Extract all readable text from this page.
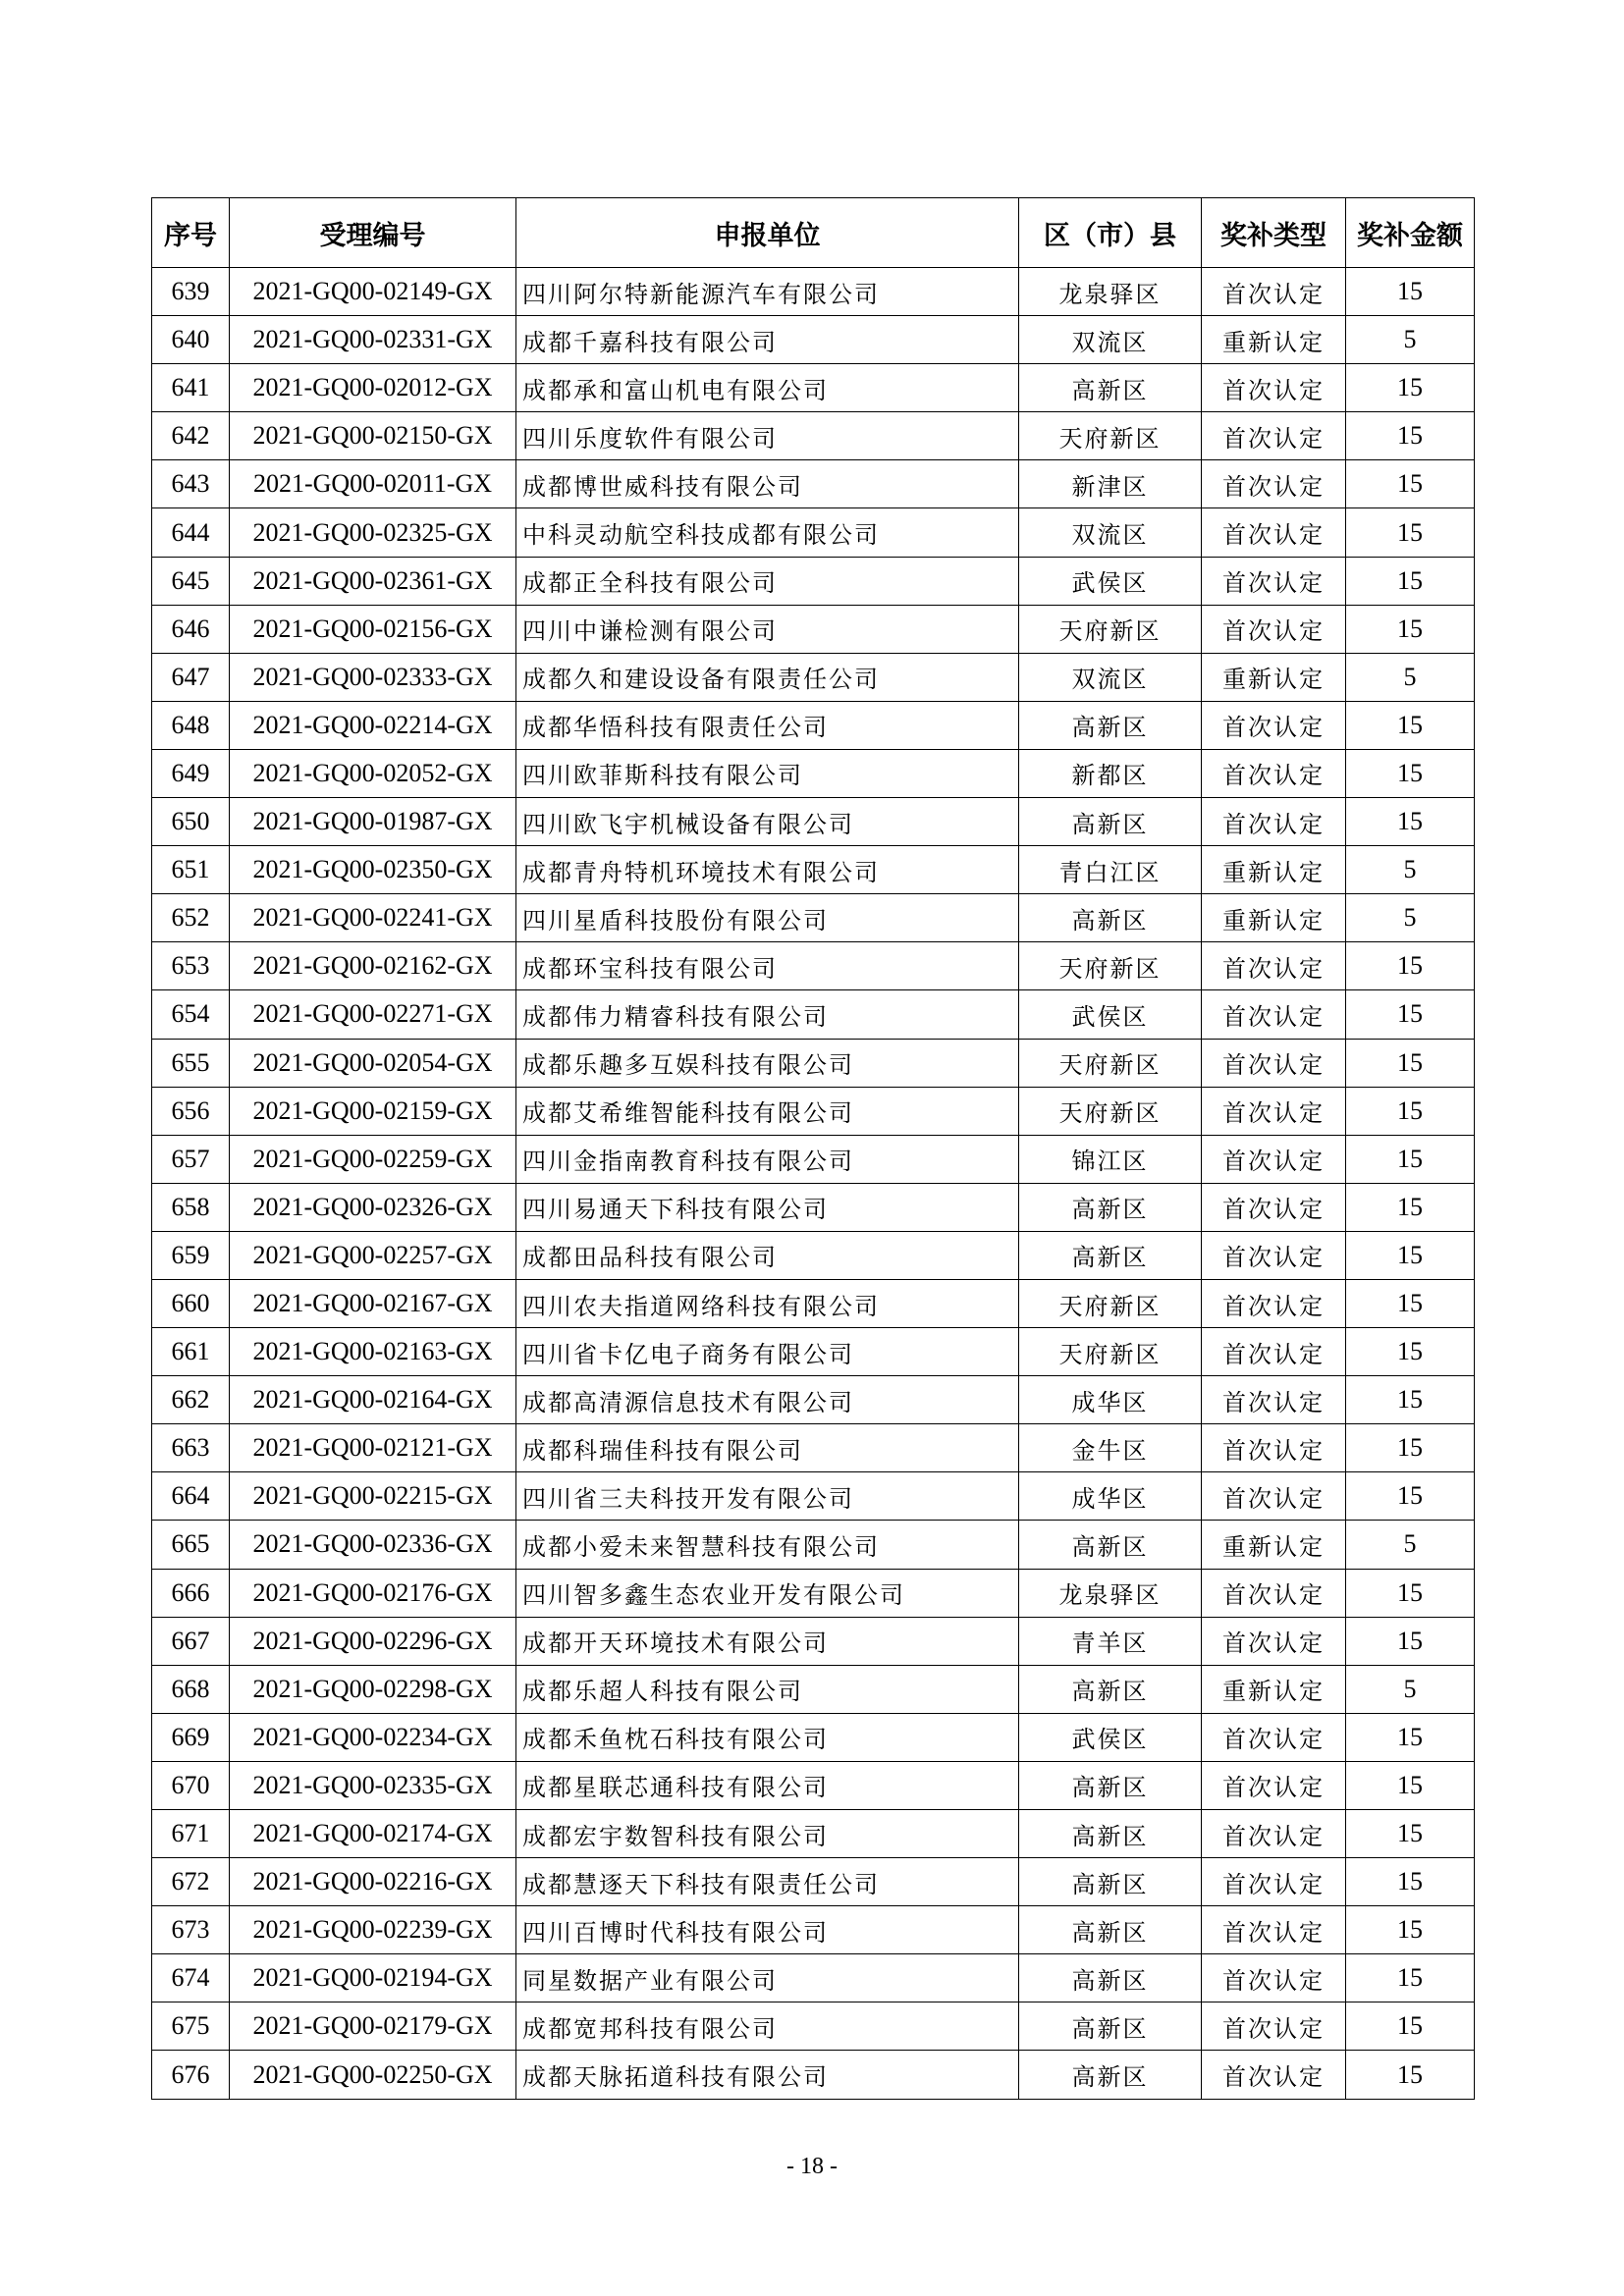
序号	受理编号	申报单位	区（市）县	奖补类型	奖补金额
639	2021-GQ00-02149-GX	四川阿尔特新能源汽车有限公司	龙泉驿区	首次认定	15
640	2021-GQ00-02331-GX	成都千嘉科技有限公司	双流区	重新认定	5
641	2021-GQ00-02012-GX	成都承和富山机电有限公司	高新区	首次认定	15
642	2021-GQ00-02150-GX	四川乐度软件有限公司	天府新区	首次认定	15
643	2021-GQ00-02011-GX	成都博世威科技有限公司	新津区	首次认定	15
644	2021-GQ00-02325-GX	中科灵动航空科技成都有限公司	双流区	首次认定	15
645	2021-GQ00-02361-GX	成都正全科技有限公司	武侯区	首次认定	15
646	2021-GQ00-02156-GX	四川中谦检测有限公司	天府新区	首次认定	15
647	2021-GQ00-02333-GX	成都久和建设设备有限责任公司	双流区	重新认定	5
648	2021-GQ00-02214-GX	成都华悟科技有限责任公司	高新区	首次认定	15
649	2021-GQ00-02052-GX	四川欧菲斯科技有限公司	新都区	首次认定	15
650	2021-GQ00-01987-GX	四川欧飞宇机械设备有限公司	高新区	首次认定	15
651	2021-GQ00-02350-GX	成都青舟特机环境技术有限公司	青白江区	重新认定	5
652	2021-GQ00-02241-GX	四川星盾科技股份有限公司	高新区	重新认定	5
653	2021-GQ00-02162-GX	成都环宝科技有限公司	天府新区	首次认定	15
654	2021-GQ00-02271-GX	成都伟力精睿科技有限公司	武侯区	首次认定	15
655	2021-GQ00-02054-GX	成都乐趣多互娱科技有限公司	天府新区	首次认定	15
656	2021-GQ00-02159-GX	成都艾希维智能科技有限公司	天府新区	首次认定	15
657	2021-GQ00-02259-GX	四川金指南教育科技有限公司	锦江区	首次认定	15
658	2021-GQ00-02326-GX	四川易通天下科技有限公司	高新区	首次认定	15
659	2021-GQ00-02257-GX	成都田品科技有限公司	高新区	首次认定	15
660	2021-GQ00-02167-GX	四川农夫指道网络科技有限公司	天府新区	首次认定	15
661	2021-GQ00-02163-GX	四川省卡亿电子商务有限公司	天府新区	首次认定	15
662	2021-GQ00-02164-GX	成都高清源信息技术有限公司	成华区	首次认定	15
663	2021-GQ00-02121-GX	成都科瑞佳科技有限公司	金牛区	首次认定	15
664	2021-GQ00-02215-GX	四川省三夫科技开发有限公司	成华区	首次认定	15
665	2021-GQ00-02336-GX	成都小爱未来智慧科技有限公司	高新区	重新认定	5
666	2021-GQ00-02176-GX	四川智多鑫生态农业开发有限公司	龙泉驿区	首次认定	15
667	2021-GQ00-02296-GX	成都开天环境技术有限公司	青羊区	首次认定	15
668	2021-GQ00-02298-GX	成都乐超人科技有限公司	高新区	重新认定	5
669	2021-GQ00-02234-GX	成都禾鱼枕石科技有限公司	武侯区	首次认定	15
670	2021-GQ00-02335-GX	成都星联芯通科技有限公司	高新区	首次认定	15
671	2021-GQ00-02174-GX	成都宏宇数智科技有限公司	高新区	首次认定	15
672	2021-GQ00-02216-GX	成都慧逐天下科技有限责任公司	高新区	首次认定	15
673	2021-GQ00-02239-GX	四川百博时代科技有限公司	高新区	首次认定	15
674	2021-GQ00-02194-GX	同星数据产业有限公司	高新区	首次认定	15
675	2021-GQ00-02179-GX	成都宽邦科技有限公司	高新区	首次认定	15
676	2021-GQ00-02250-GX	成都天脉拓道科技有限公司	高新区	首次认定	15
- 18 -
